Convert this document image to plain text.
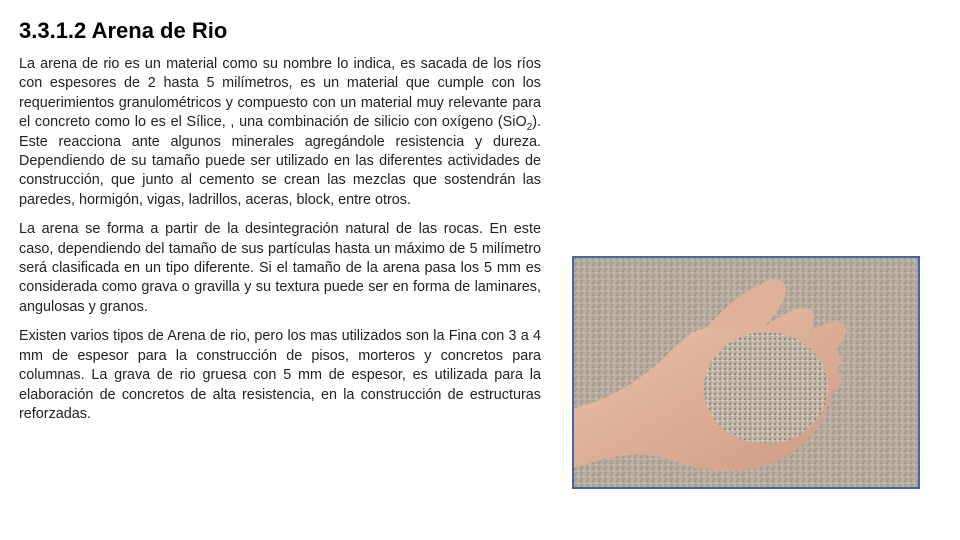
3.3.1.2 Arena de Rio

La arena de rio es un material como su nombre lo indica, es sacada de los ríos con espesores de 2 hasta 5 milímetros, es un material que cumple con los requerimientos granulométricos y compuesto con un material muy relevante para el concreto como lo es el Sílice, , una combinación de silicio con oxígeno (SiO$_2$). Este reacciona ante algunos minerales agregándole resistencia y dureza. Dependiendo de su tamaño puede ser utilizado en las diferentes actividades de construcción, que junto al cemento se crean las mezclas que sostendrán las paredes, hormigón, vigas, ladrillos, aceras, block, entre otros.

La arena se forma a partir de la desintegración natural de las rocas. En este caso, dependiendo del tamaño de sus partículas hasta un máximo de 5 milímetro será clasificada en un tipo diferente. Si el tamaño de la arena pasa los 5 mm es considerada como grava o gravilla y su textura puede ser en forma de laminares, angulosas y granos.

Existen varios tipos de Arena de rio, pero los mas utilizados son la Fina con 3 a 4 mm de espesor para la construcción de pisos, morteros y concretos para columnas. La grava de rio gruesa con 5 mm de espesor, es utilizada para la elaboración de concretos de alta resistencia, en la construcción de estructuras reforzadas.
